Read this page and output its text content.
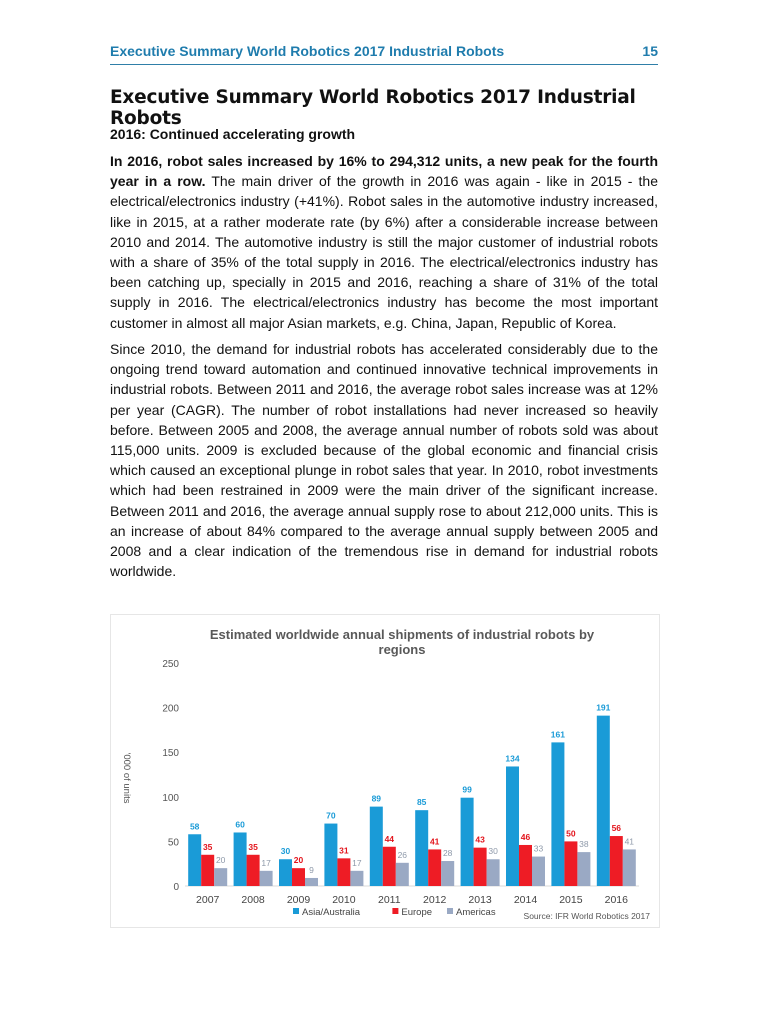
Executive Summary World Robotics 2017 Industrial Robots	15
Executive Summary World Robotics 2017 Industrial Robots
2016: Continued accelerating growth

In 2016, robot sales increased by 16% to 294,312 units, a new peak for the fourth year in a row. The main driver of the growth in 2016 was again - like in 2015 - the electrical/electronics industry (+41%). Robot sales in the automotive industry increased, like in 2015, at a rather moderate rate (by 6%) after a considerable increase between 2010 and 2014. The automotive industry is still the major customer of industrial robots with a share of 35% of the total supply in 2016. The electrical/electronics industry has been catching up, specially in 2015 and 2016, reaching a share of 31% of the total supply in 2016. The electrical/electronics industry has become the most important customer in almost all major Asian markets, e.g. China, Japan, Republic of Korea.

Since 2010, the demand for industrial robots has accelerated considerably due to the ongoing trend toward automation and continued innovative technical improvements in industrial robots. Between 2011 and 2016, the average robot sales increase was at 12% per year (CAGR). The number of robot installations had never increased so heavily before. Between 2005 and 2008, the average annual number of robots sold was about 115,000 units. 2009 is excluded because of the global economic and financial crisis which caused an exceptional plunge in robot sales that year. In 2010, robot investments which had been restrained in 2009 were the main driver of the significant increase. Between 2011 and 2016, the average annual supply rose to about 212,000 units. This is an increase of about 84% compared to the average annual supply between 2005 and 2008 and a clear indication of the tremendous rise in demand for industrial robots worldwide.

Estimated worldwide annual shipments of industrial robots by
regions
'000 of units
0
50
100
150
200
250
58
35
20
2007
60
35
17
2008
30
20
9
2009
70
31
17
2010
89
44
26
2011
85
41
28
2012
99
43
30
2013
134
46
33
2014
161
50
38
2015
191
56
41
2016
Asia/Australia	Europe	Americas	Source: IFR World Robotics 2017
